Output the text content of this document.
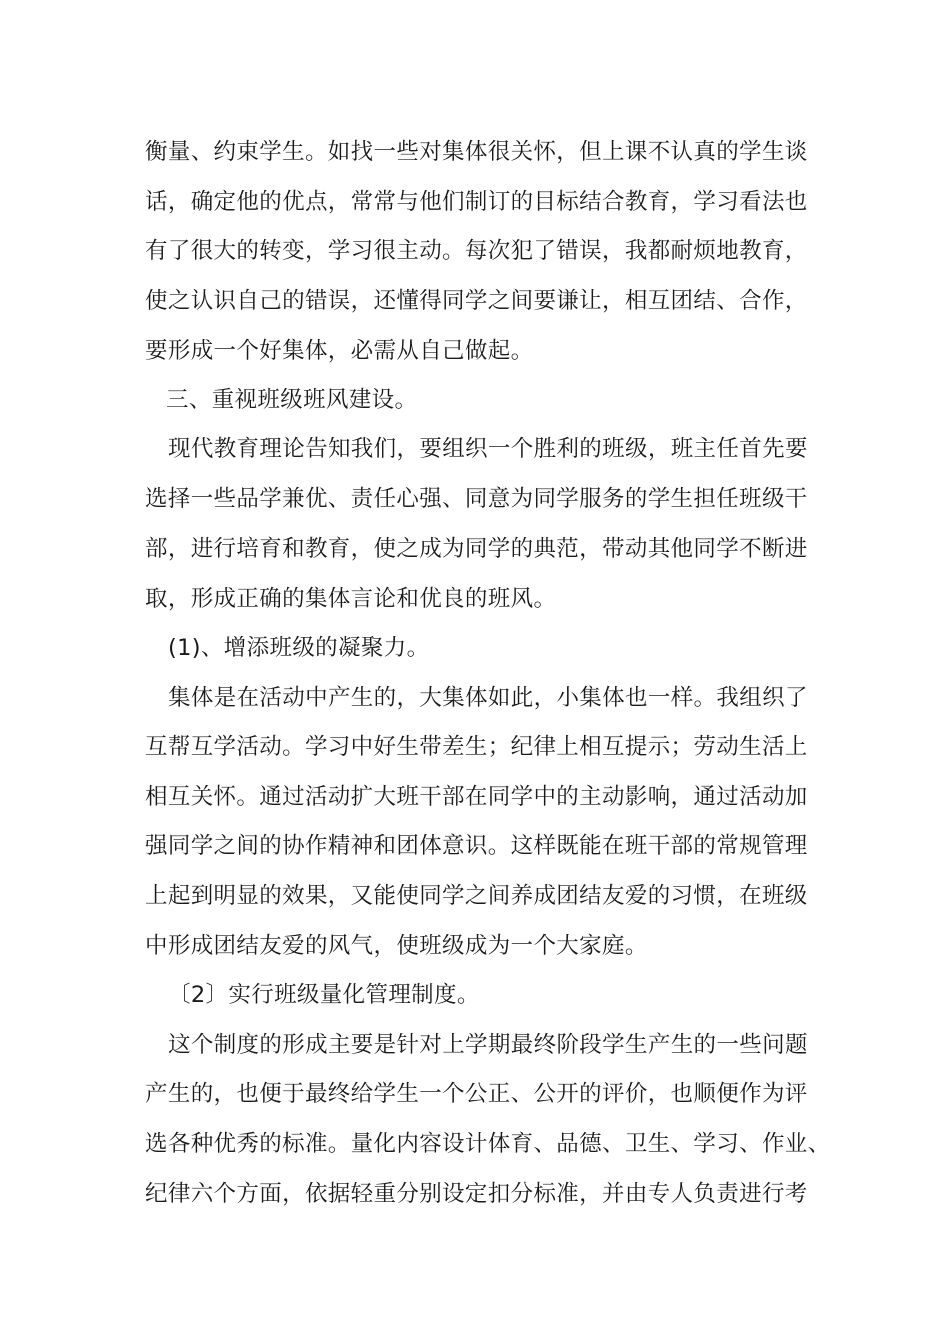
衡量、约束学生。如找一些对集体很关怀，但上课不认真的学生谈

话，确定他的优点，常常与他们制订的目标结合教育，学习看法也

有了很大的转变，学习很主动。每次犯了错误，我都耐烦地教育，

使之认识自己的错误，还懂得同学之间要谦让，相互团结、合作，

要形成一个好集体，必需从自己做起。

三、重视班级班风建设。

现代教育理论告知我们，要组织一个胜利的班级，班主任首先要

选择一些品学兼优、责任心强、同意为同学服务的学生担任班级干

部，进行培育和教育，使之成为同学的典范，带动其他同学不断进

取，形成正确的集体言论和优良的班风。

(1)、增添班级的凝聚力。

集体是在活动中产生的，大集体如此，小集体也一样。我组织了

互帮互学活动。学习中好生带差生；纪律上相互提示；劳动生活上

相互关怀。通过活动扩大班干部在同学中的主动影响，通过活动加

强同学之间的协作精神和团体意识。这样既能在班干部的常规管理

上起到明显的效果，又能使同学之间养成团结友爱的习惯，在班级

中形成团结友爱的风气，使班级成为一个大家庭。

〔2〕实行班级量化管理制度。

这个制度的形成主要是针对上学期最终阶段学生产生的一些问题

产生的，也便于最终给学生一个公正、公开的评价，也顺便作为评

选各种优秀的标准。量化内容设计体育、品德、卫生、学习、作业、

纪律六个方面，依据轻重分别设定扣分标准，并由专人负责进行考
